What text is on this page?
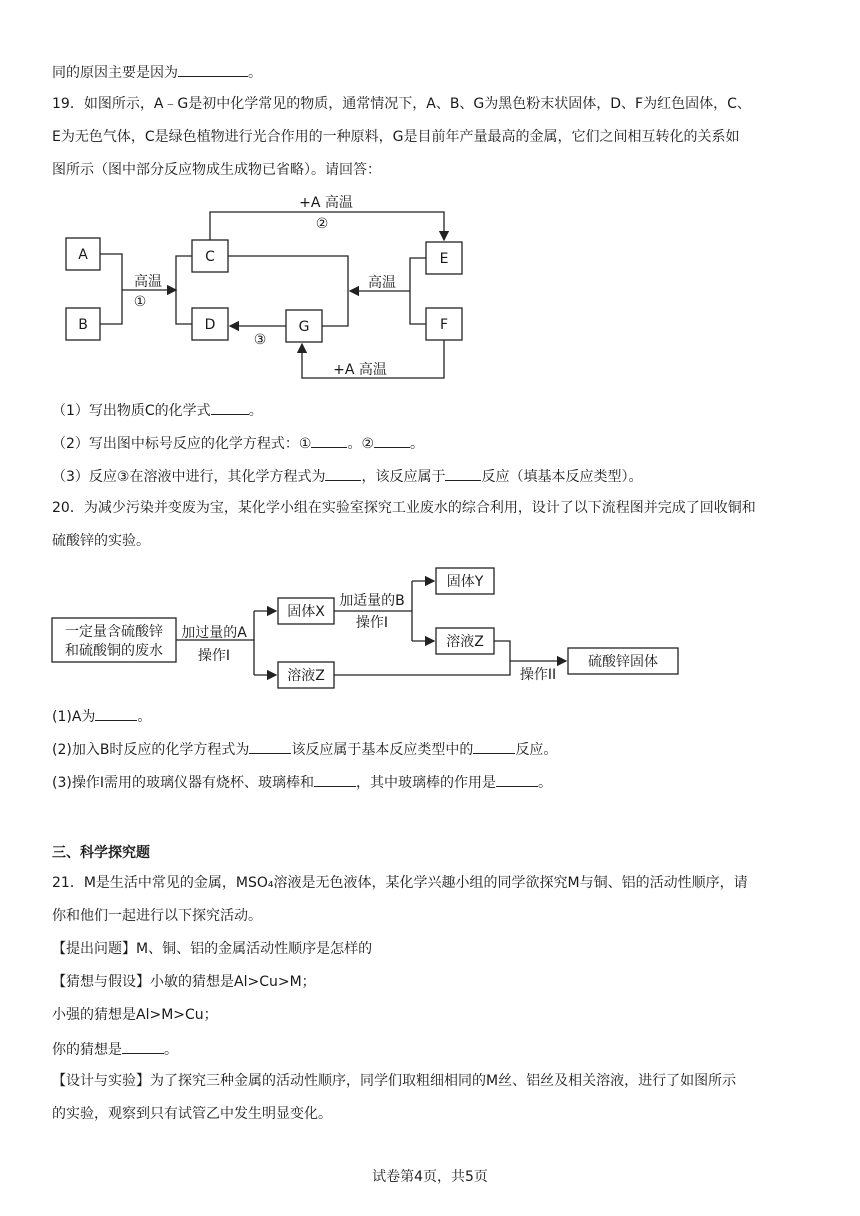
同的原因主要是因为	。
19．如图所示，A﹣G是初中化学常见的物质，通常情况下，A、B、G为黑色粉末状固体，D、F为红色固体，C、
E为无色气体，C是绿色植物进行光合作用的一种原料，G是目前年产量最高的金属，它们之间相互转化的关系如
图所示（图中部分反应物成生成物已省略）。请回答：
A
B
C
D	G
E
F
+A 高温
②
高温
①
高温
③
+A 高温
（1）写出物质C的化学式	。
（2）写出图中标号反应的化学方程式：①	。②	。
（3）反应③在溶液中进行，其化学方程式为	，该反应属于	反应（填基本反应类型）。
20．为减少污染并变废为宝，某化学小组在实验室探究工业废水的综合利用，设计了以下流程图并完成了回收铜和
硫酸锌的实验。
一定量含硫酸锌
和硫酸铜的废水
加过量的A
操作I
固体X
溶液Z
加适量的B
操作I
固体Y
溶液Z
操作II
硫酸锌固体
(1)A为	。
(2)加入B时反应的化学方程式为	该反应属于基本反应类型中的	反应。
(3)操作I需用的玻璃仪器有烧杯、玻璃棒和	，其中玻璃棒的作用是	。
三、科学探究题
21．M是生活中常见的金属，MSO₄溶液是无色液体，某化学兴趣小组的同学欲探究M与铜、铝的活动性顺序，请
你和他们一起进行以下探究活动。
【提出问题】M、铜、铝的金属活动性顺序是怎样的
【猜想与假设】小敏的猜想是Al>Cu>M；
小强的猜想是Al>M>Cu；
你的猜想是	。
【设计与实验】为了探究三种金属的活动性顺序，同学们取粗细相同的M丝、铝丝及相关溶液，进行了如图所示
的实验，观察到只有试管乙中发生明显变化。
试卷第4页，共5页
